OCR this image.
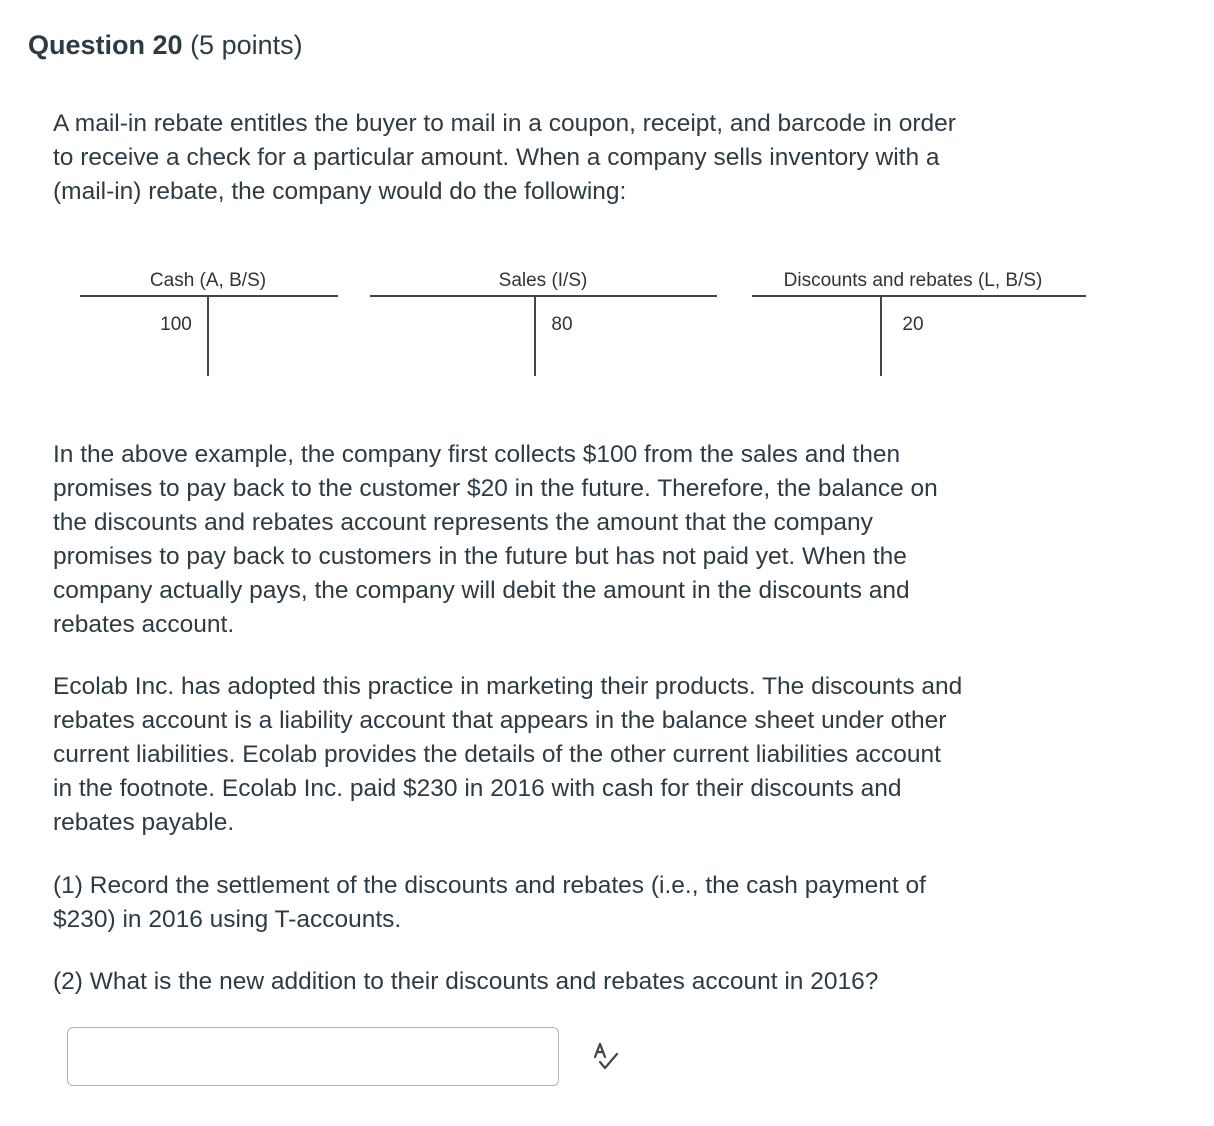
Question 20 (5 points)
A mail-in rebate entitles the buyer to mail in a coupon, receipt, and barcode in order
to receive a check for a particular amount. When a company sells inventory with a
(mail-in) rebate, the company would do the following:
Cash (A, B/S)
100
Sales (I/S)
80
Discounts and rebates (L, B/S)
20
In the above example, the company first collects $100 from the sales and then
promises to pay back to the customer $20 in the future. Therefore, the balance on
the discounts and rebates account represents the amount that the company
promises to pay back to customers in the future but has not paid yet. When the
company actually pays, the company will debit the amount in the discounts and
rebates account.
Ecolab Inc. has adopted this practice in marketing their products. The discounts and
rebates account is a liability account that appears in the balance sheet under other
current liabilities. Ecolab provides the details of the other current liabilities account
in the footnote. Ecolab Inc. paid $230 in 2016 with cash for their discounts and
rebates payable.
(1) Record the settlement of the discounts and rebates (i.e., the cash payment of
$230) in 2016 using T-accounts.
(2) What is the new addition to their discounts and rebates account in 2016?
